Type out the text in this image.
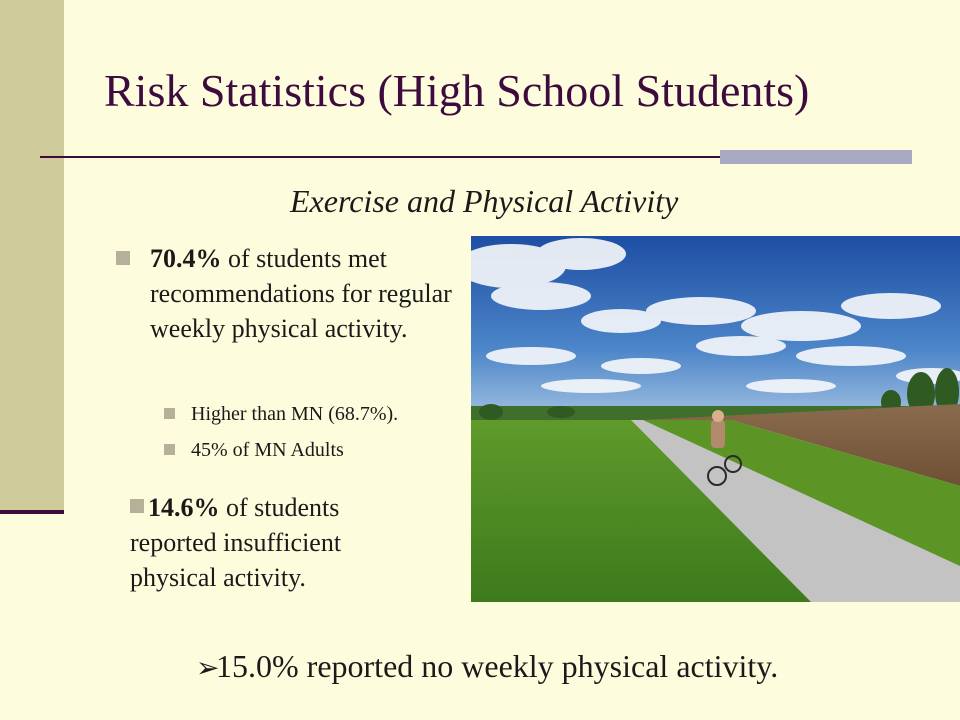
Risk Statistics (High School Students)
Exercise and Physical Activity
70.4% of students met recommendations for regular weekly physical activity.
Higher than MN (68.7%).
45% of MN Adults
14.6% of students reported insufficient physical activity.
➢15.0% reported no weekly physical activity.
